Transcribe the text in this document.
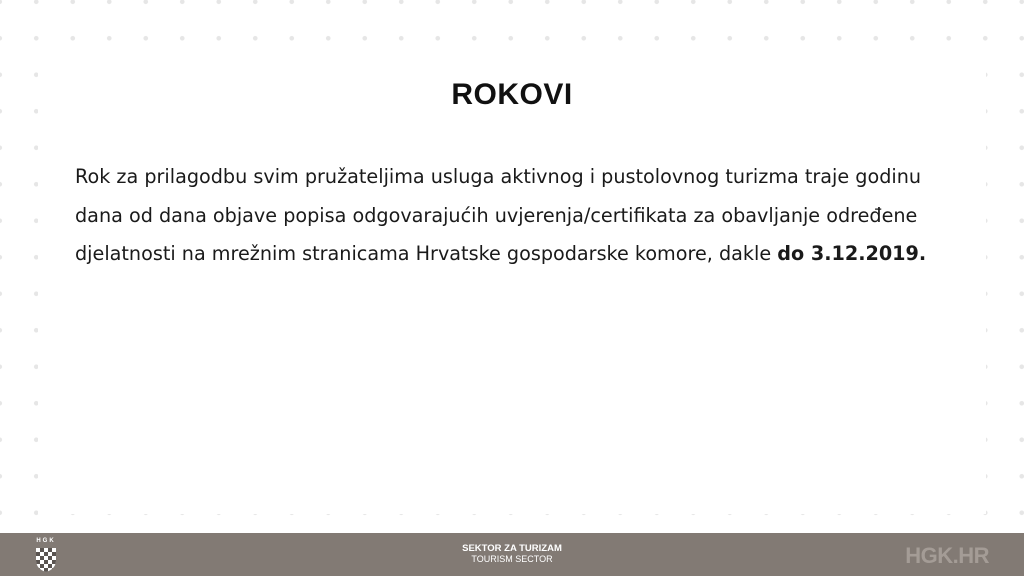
ROKOVI

Rok za prilagodbu svim pružateljima usluga aktivnog i pustolovnog turizma traje godinu dana od dana objave popisa odgovarajućih uvjerenja/certifikata za obavljanje određene djelatnosti na mrežnim stranicama Hrvatske gospodarske komore, dakle do 3.12.2019.

HGK
SEKTOR ZA TURIZAM
TOURISM SECTOR	HGK.HR
